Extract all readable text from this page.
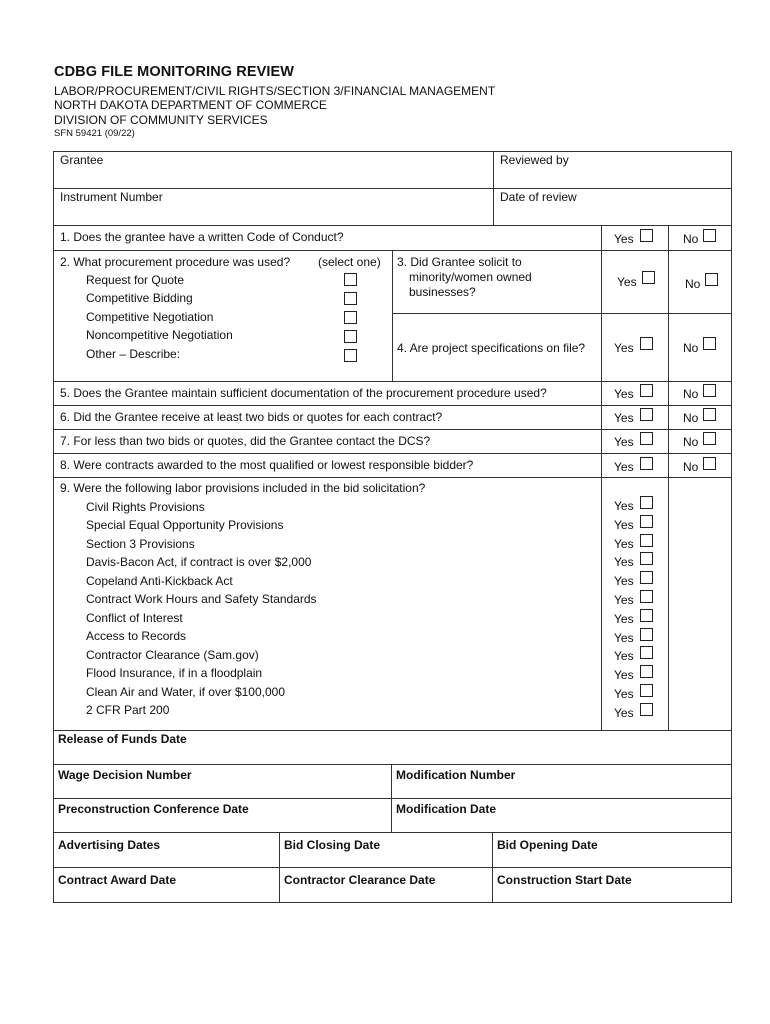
CDBG FILE MONITORING REVIEW
LABOR/PROCUREMENT/CIVIL RIGHTS/SECTION 3/FINANCIAL MANAGEMENT
NORTH DAKOTA DEPARTMENT OF COMMERCE
DIVISION OF COMMUNITY SERVICES
SFN 59421 (09/22)
Grantee	Reviewed by
Instrument Number	Date of review
1. Does the grantee have a written Code of Conduct?	Yes	No
2. What procurement procedure was used? (select one)
Request for Quote
Competitive Bidding
Competitive Negotiation
Noncompetitive Negotiation
Other – Describe:
3. Did Grantee solicit to
minority/women owned
businesses?
Yes	No
4. Are project specifications on file? Yes	No
5. Does the Grantee maintain sufficient documentation of the procurement procedure used?	Yes	No
6. Did the Grantee receive at least two bids or quotes for each contract?	Yes	No
7. For less than two bids or quotes, did the Grantee contact the DCS?	Yes	No
8. Were contracts awarded to the most qualified or lowest responsible bidder?	Yes	No
9. Were the following labor provisions included in the bid solicitation?
Civil Rights Provisions	Yes
Special Equal Opportunity Provisions	Yes
Section 3 Provisions	Yes
Davis-Bacon Act, if contract is over $2,000	Yes
Copeland Anti-Kickback Act	Yes
Contract Work Hours and Safety Standards	Yes
Conflict of Interest	Yes
Access to Records	Yes
Contractor Clearance (Sam.gov)	Yes
Flood Insurance, if in a floodplain	Yes
Clean Air and Water, if over $100,000	Yes
2 CFR Part 200	Yes
Release of Funds Date
Wage Decision Number	Modification Number
Preconstruction Conference Date	Modification Date
Advertising Dates	Bid Closing Date	Bid Opening Date
Contract Award Date	Contractor Clearance Date	Construction Start Date
